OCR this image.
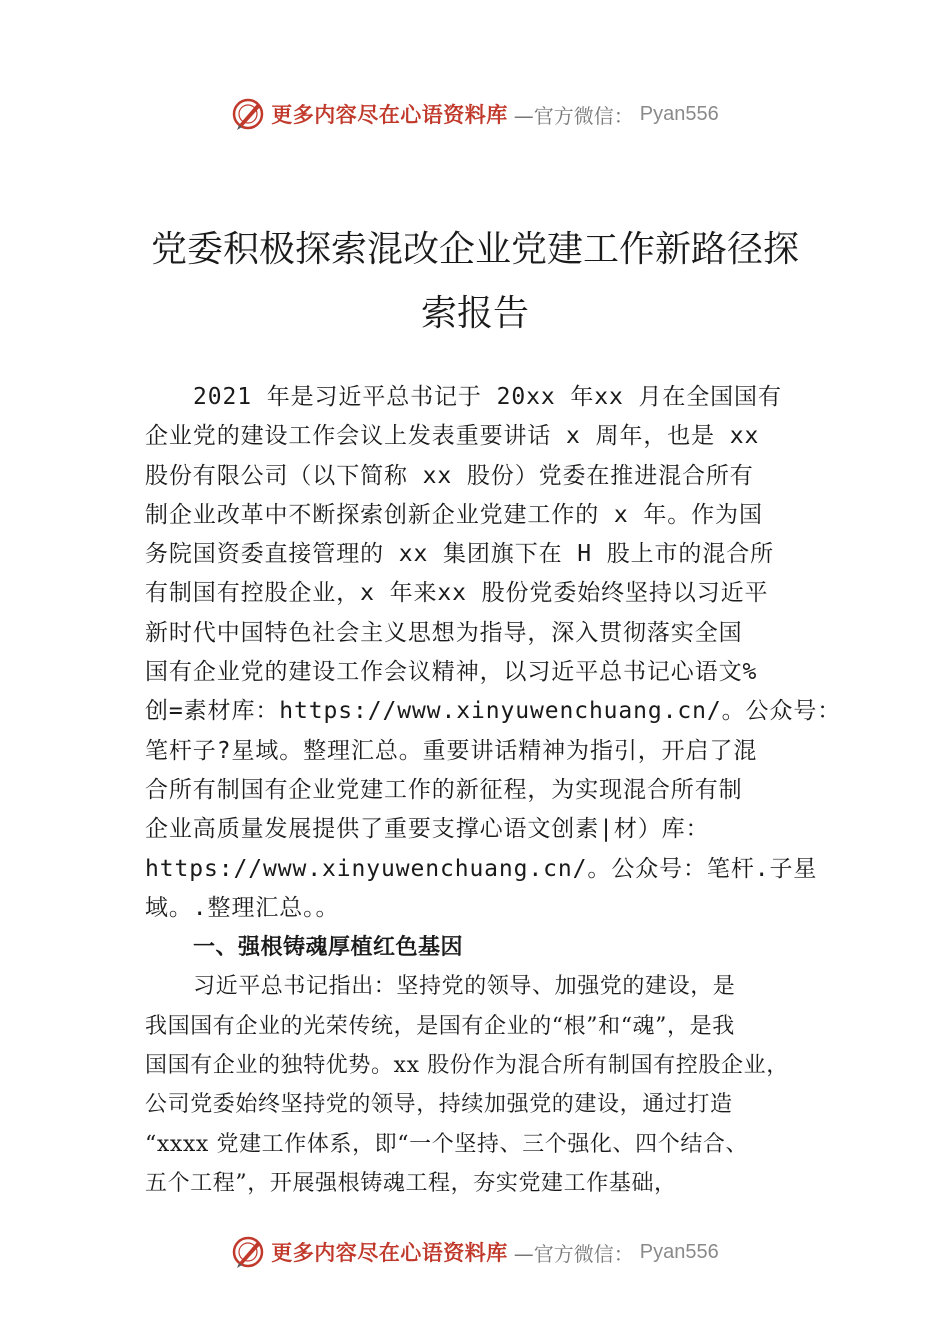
更多内容尽在心语资料库 —官方微信： Pyan556
党委积极探索混改企业党建工作新路径探
索报告
2021 年是习近平总书记于 20xx 年xx 月在全国国有
企业党的建设工作会议上发表重要讲话 x 周年，也是 xx
股份有限公司（以下简称 xx 股份）党委在推进混合所有
制企业改革中不断探索创新企业党建工作的 x 年。作为国
务院国资委直接管理的 xx 集团旗下在 H 股上市的混合所
有制国有控股企业，x 年来xx 股份党委始终坚持以习近平
新时代中国特色社会主义思想为指导，深入贯彻落实全国
国有企业党的建设工作会议精神，以习近平总书记心语文%
创=素材库：https://www.xinyuwenchuang.cn/。公众号：
笔杆子?星域。整理汇总。重要讲话精神为指引，开启了混
合所有制国有企业党建工作的新征程，为实现混合所有制
企业高质量发展提供了重要支撑心语文创素|材）库：
https://www.xinyuwenchuang.cn/。公众号：笔杆.子星
域。.整理汇总。。
一、强根铸魂厚植红色基因
习近平总书记指出：坚持党的领导、加强党的建设，是
我国国有企业的光荣传统，是国有企业的“根”和“魂”，是我
国国有企业的独特优势。xx 股份作为混合所有制国有控股企业，
公司党委始终坚持党的领导，持续加强党的建设，通过打造
“xxxx 党建工作体系，即“一个坚持、三个强化、四个结合、
五个工程”，开展强根铸魂工程，夯实党建工作基础，
更多内容尽在心语资料库 —官方微信： Pyan556
